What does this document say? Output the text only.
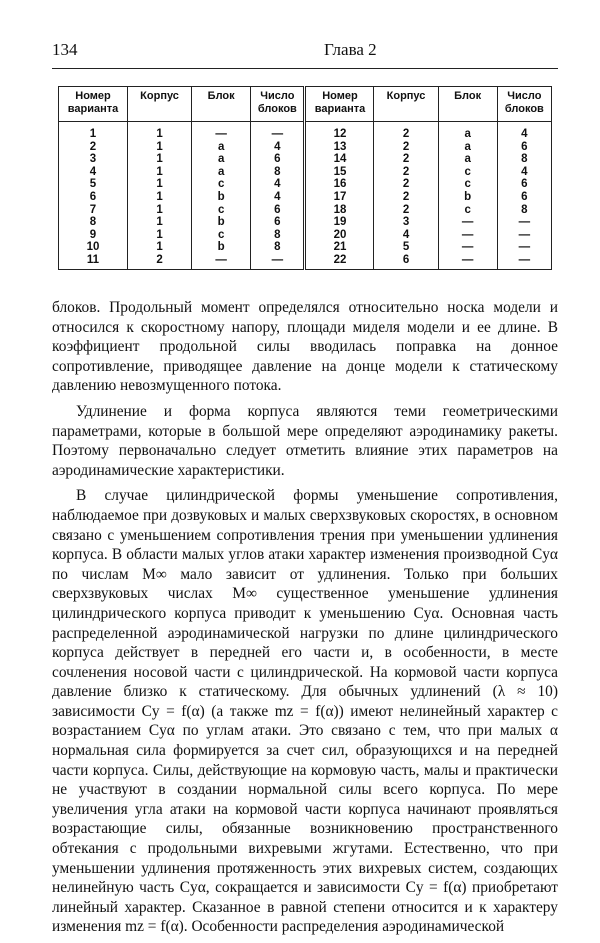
134	Глава 2
Номер варианта	Корпус	Блок	Число блоков	Номер варианта	Корпус	Блок	Число блоков
1	1	—	—	12	2	a	4
2	1	a	4	13	2	a	6
3	1	a	6	14	2	a	8
4	1	a	8	15	2	c	4
5	1	c	4	16	2	c	6
6	1	b	4	17	2	b	6
7	1	c	6	18	2	c	8
8	1	b	6	19	3	—	—
9	1	c	8	20	4	—	—
10	1	b	8	21	5	—	—
11	2	—	—	22	6	—	—

блоков. Продольный момент определялся относительно носка модели и относился к скоростному напору, площади миделя модели и ее длине. В коэффициент продольной силы вводилась поправка на донное сопротивление, приводящее давление на донце модели к статическому давлению невозмущенного потока.

Удлинение и форма корпуса являются теми геометрическими параметрами, которые в большой мере определяют аэродинамику ракеты. Поэтому первоначально следует отметить влияние этих параметров на аэродинамические характеристики.

В случае цилиндрической формы уменьшение сопротивления, наблюдаемое при дозвуковых и малых сверхзвуковых скоростях, в основном связано с уменьшением сопротивления трения при уменьшении удлинения корпуса. В области малых углов атаки характер изменения производной Cyα по числам M∞ мало зависит от удлинения. Только при больших сверхзвуковых числах M∞ существенное уменьшение удлинения цилиндрического корпуса приводит к уменьшению Cyα. Основная часть распределенной аэродинамической нагрузки по длине цилиндрического корпуса действует в передней его части и, в особенности, в месте сочленения носовой части с цилиндрической. На кормовой части корпуса давление близко к статическому. Для обычных удлинений (λ ≈ 10) зависимости Cy = f(α) (а также mz = f(α)) имеют нелинейный характер с возрастанием Cyα по углам атаки. Это связано с тем, что при малых α нормальная сила формируется за счет сил, образующихся и на передней части корпуса. Силы, действующие на кормовую часть, малы и практически не участвуют в создании нормальной силы всего корпуса. По мере увеличения угла атаки на кормовой части корпуса начинают проявляться возрастающие силы, обязанные возникновению пространственного обтекания с продольными вихревыми жгутами. Естественно, что при уменьшении удлинения протяженность этих вихревых систем, создающих нелинейную часть Cyα, сокращается и зависимости Cy = f(α) приобретают линейный характер. Сказанное в равной степени относится и к характеру изменения mz = f(α). Особенности распределения аэродинамической
